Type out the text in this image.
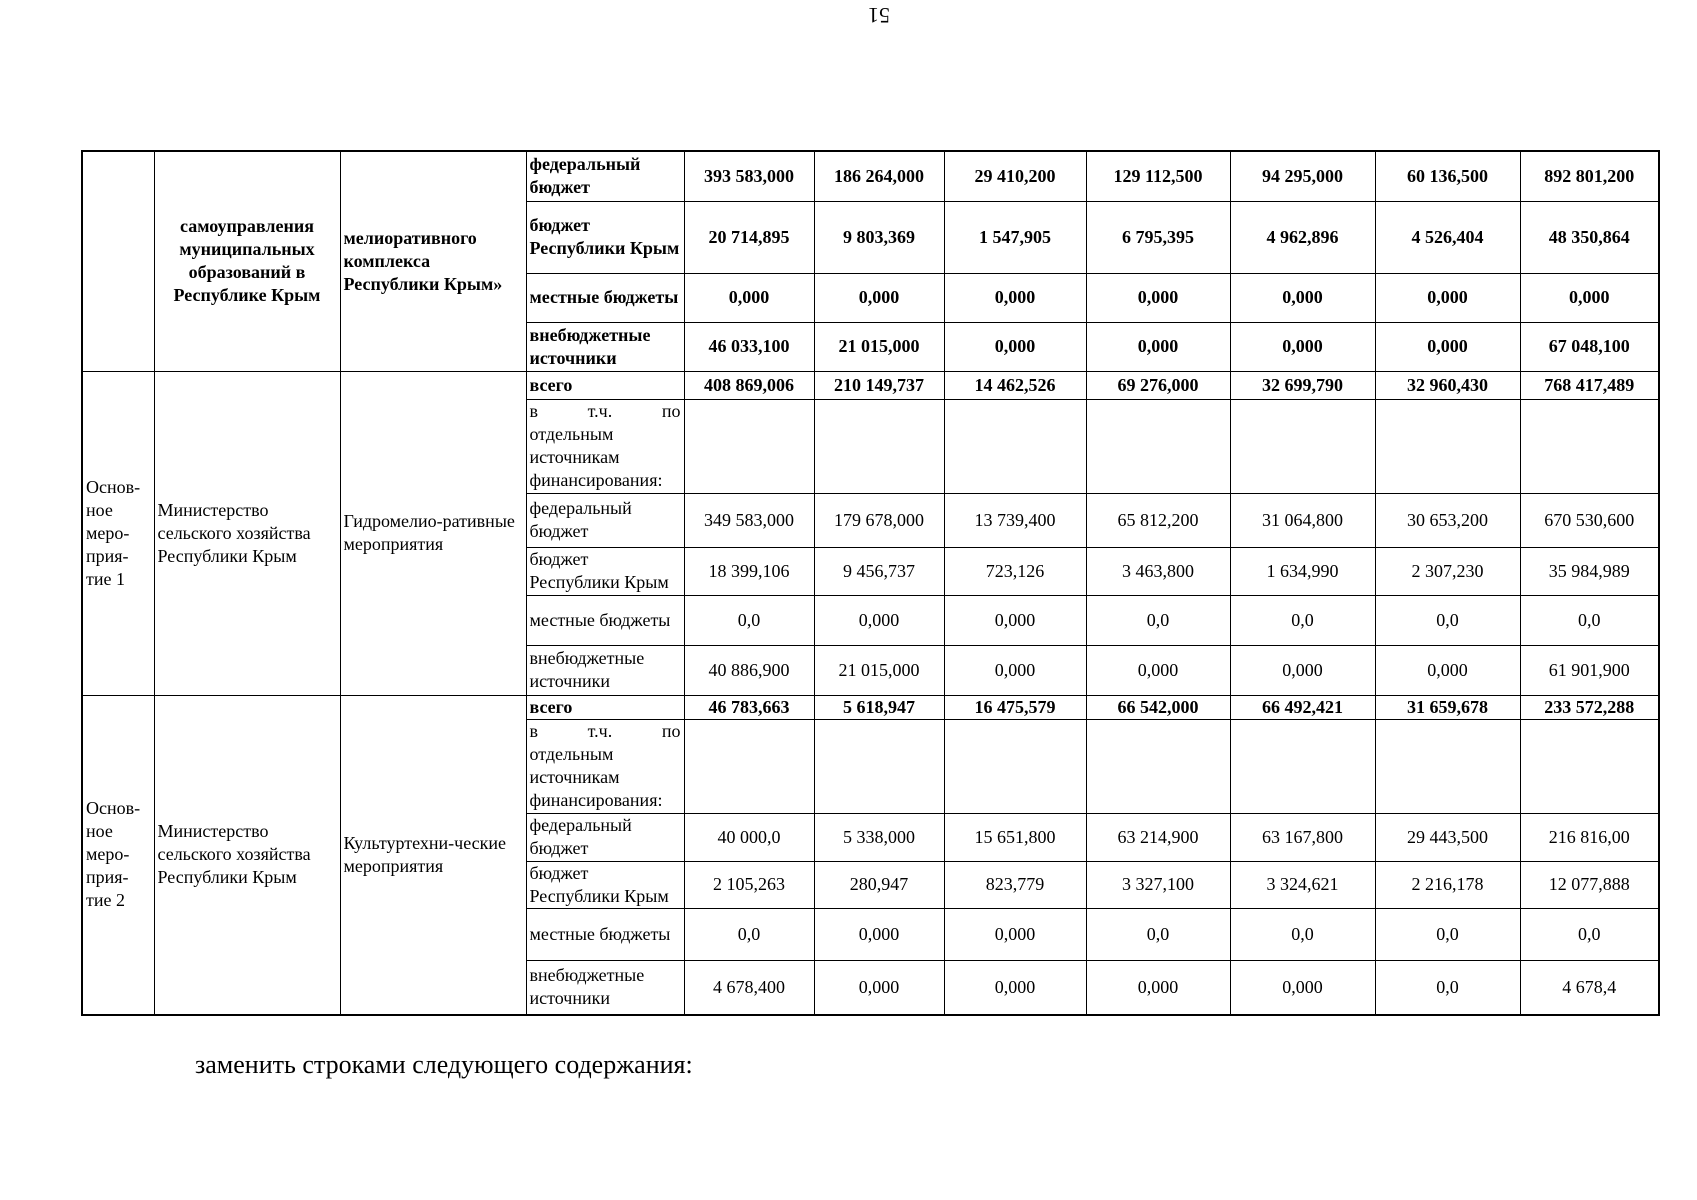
51
	самоуправления муниципальных образований в Республике Крым	мелиоративного комплекса Республики Крым»	федеральный бюджет	393 583,000	186 264,000	29 410,200	129 112,500	94 295,000	60 136,500	892 801,200
			бюджет Республики Крым	20 714,895	9 803,369	1 547,905	6 795,395	4 962,896	4 526,404	48 350,864
			местные бюджеты	0,000	0,000	0,000	0,000	0,000	0,000	0,000
			внебюджетные источники	46 033,100	21 015,000	0,000	0,000	0,000	0,000	67 048,100
Основ-ное меро-прия-тие 1	Министерство сельского хозяйства Республики Крым	Гидромелио-ративные мероприятия	всего	408 869,006	210 149,737	14 462,526	69 276,000	32 699,790	32 960,430	768 417,489

			в т.ч. по
отдельным источникам финансирования:							

			федеральный бюджет	349 583,000	179 678,000	13 739,400	65 812,200	31 064,800	30 653,200	670 530,600
			бюджет Республики Крым	18 399,106	9 456,737	723,126	3 463,800	1 634,990	2 307,230	35 984,989
			местные бюджеты	0,0	0,000	0,000	0,0	0,0	0,0	0,0
			внебюджетные источники	40 886,900	21 015,000	0,000	0,000	0,000	0,000	61 901,900
Основ-ное меро-прия-тие 2	Министерство сельского хозяйства Республики Крым	Культуртехни-ческие мероприятия	всего	46 783,663	5 618,947	16 475,579	66 542,000	66 492,421	31 659,678	233 572,288

			в т.ч. по
отдельным источникам финансирования:							

			федеральный бюджет	40 000,0	5 338,000	15 651,800	63 214,900	63 167,800	29 443,500	216 816,00
			бюджет Республики Крым	2 105,263	280,947	823,779	3 327,100	3 324,621	2 216,178	12 077,888
			местные бюджеты	0,0	0,000	0,000	0,0	0,0	0,0	0,0
			внебюджетные источники	4 678,400	0,000	0,000	0,000	0,000	0,0	4 678,4
заменить строками следующего содержания:
